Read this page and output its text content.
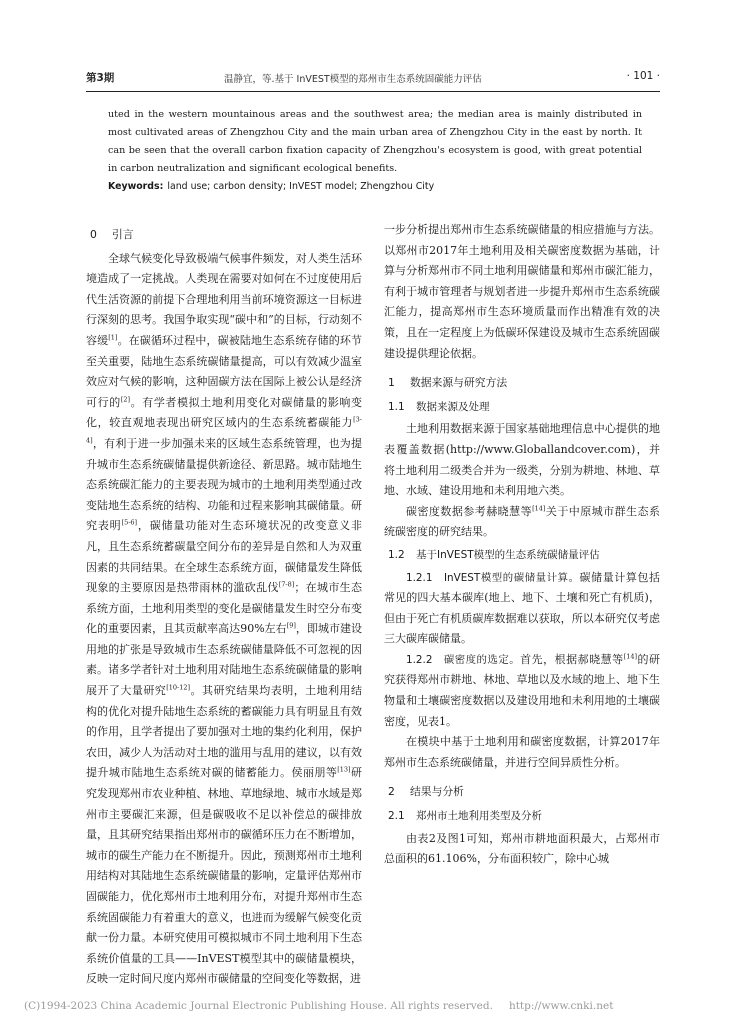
第3期	温静宜，等.基于 InVEST模型的郑州市生态系统固碳能力评估	· 101 ·

uted in the western mountainous areas and the southwest area; the median area is mainly distributed in most cultivated areas of Zhengzhou City and the main urban area of Zhengzhou City in the east by north. It can be seen that the overall carbon fixation capacity of Zhengzhou's ecosystem is good, with great potential in carbon neutralization and significant ecological benefits.

Keywords: land use; carbon density; InVEST model; Zhengzhou City

0 引言

全球气候变化导致极端气候事件频发，对人类生活环境造成了一定挑战。人类现在需要对如何在不过度使用后代生活资源的前提下合理地利用当前环境资源这一目标进行深刻的思考。我国争取实现“碳中和”的目标，行动刻不容缓[1]。在碳循环过程中，碳被陆地生态系统存储的环节至关重要，陆地生态系统碳储量提高，可以有效减少温室效应对气候的影响，这种固碳方法在国际上被公认是经济可行的[2]。有学者模拟土地利用变化对碳储量的影响变化，较直观地表现出研究区域内的生态系统蓄碳能力[3-4]，有利于进一步加强未来的区域生态系统管理，也为提升城市生态系统碳储量提供新途径、新思路。城市陆地生态系统碳汇能力的主要表现为城市的土地利用类型通过改变陆地生态系统的结构、功能和过程来影响其碳储量。研究表明[5-6]，碳储量功能对生态环境状况的改变意义非凡，且生态系统蓄碳量空间分布的差异是自然和人为双重因素的共同结果。在全球生态系统方面，碳储量发生降低现象的主要原因是热带雨林的滥砍乱伐[7-8]；在城市生态系统方面，土地利用类型的变化是碳储量发生时空分布变化的重要因素，且其贡献率高达90%左右[9]，即城市建设用地的扩张是导致城市生态系统碳储量降低不可忽视的因素。诸多学者针对土地利用对陆地生态系统碳储量的影响展开了大量研究[10-12]。其研究结果均表明，土地利用结构的优化对提升陆地生态系统的蓄碳能力具有明显且有效的作用，且学者提出了要加强对土地的集约化利用，保护农田，减少人为活动对土地的滥用与乱用的建议，以有效提升城市陆地生态系统对碳的储蓄能力。侯丽朋等[13]研究发现郑州市农业种植、林地、草地绿地、城市水域是郑州市主要碳汇来源，但是碳吸收不足以补偿总的碳排放量，且其研究结果指出郑州市的碳循环压力在不断增加，城市的碳生产能力在不断提升。因此，预测郑州市土地利用结构对其陆地生态系统碳储量的影响，定量评估郑州市固碳能力，优化郑州市土地利用分布，对提升郑州市生态系统固碳能力有着重大的意义，也进而为缓解气候变化贡献一份力量。本研究使用可模拟城市不同土地利用下生态系统价值量的工具——InVEST模型其中的碳储量模块，反映一定时间尺度内郑州市碳储量的空间变化等数据，进

一步分析提出郑州市生态系统碳储量的相应措施与方法。以郑州市2017年土地利用及相关碳密度数据为基础，计算与分析郑州市不同土地利用碳储量和郑州市碳汇能力，有利于城市管理者与规划者进一步提升郑州市生态系统碳汇能力，提高郑州市生态环境质量而作出精准有效的决策，且在一定程度上为低碳环保建设及城市生态系统固碳建设提供理论依据。

1 数据来源与研究方法
1.1 数据来源及处理

土地利用数据来源于国家基础地理信息中心提供的地表覆盖数据(http://www.Globallandcover.com)，并将土地利用二级类合并为一级类，分别为耕地、林地、草地、水域、建设用地和未利用地六类。

碳密度数据参考赫晓慧等[14]关于中原城市群生态系统碳密度的研究结果。

1.2 基于InVEST模型的生态系统碳储量评估

1.2.1　InVEST模型的碳储量计算。碳储量计算包括常见的四大基本碳库(地上、地下、土壤和死亡有机质)，但由于死亡有机质碳库数据难以获取，所以本研究仅考虑三大碳库碳储量。

1.2.2　碳密度的选定。首先，根据郝晓慧等[14]的研究获得郑州市耕地、林地、草地以及水域的地上、地下生物量和土壤碳密度数据以及建设用地和未利用地的土壤碳密度，见表1。

在模块中基于土地利用和碳密度数据，计算2017年郑州市生态系统碳储量，并进行空间异质性分析。

2 结果与分析
2.1 郑州市土地利用类型及分析

由表2及图1可知，郑州市耕地面积最大，占郑州市总面积的61.106%，分布面积较广，除中心城

(C)1994-2023 China Academic Journal Electronic Publishing House. All rights reserved. http://www.cnki.net
